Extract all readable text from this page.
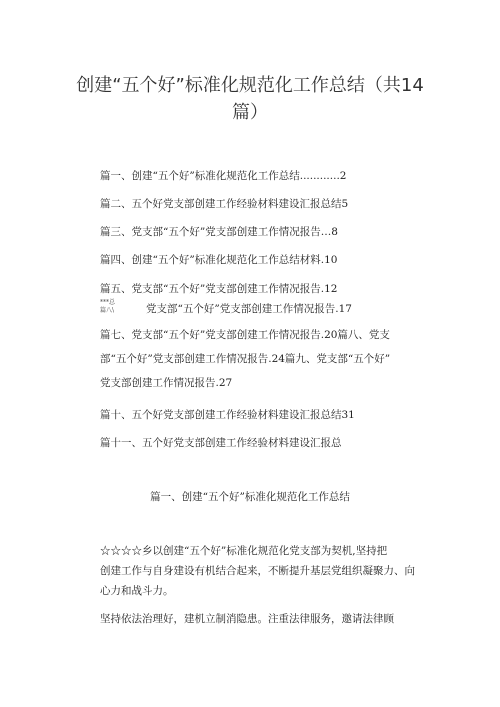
创建“五个好”标准化规范化工作总结（共14
篇）
篇一、创建“五个好”标准化规范化工作总结............2
篇二、五个好党支部创建工作经验材料建设汇报总结5
篇三、党支部“五个好”党支部创建工作情况报告…8
篇四、创建“五个好”标准化规范化工作总结材料.10
篇五、党支部“五个好”党支部创建工作情况报告.12
***总
篇八\	党支部“五个好”党支部创建工作情况报告.17
篇七、党支部“五个好”党支部创建工作情况报告.20篇八、党支
部“五个好”党支部创建工作情况报告.24篇九、党支部“五个好”
党支部创建工作情况报告.27
篇十、五个好党支部创建工作经验材料建设汇报总结31
篇十一、五个好党支部创建工作经验材料建设汇报总
篇一、创建“五个好”标准化规范化工作总结
☆☆☆☆乡以创建“五个好”标准化规范化党支部为契机,坚持把
创建工作与自身建设有机结合起来，不断提升基层党组织凝聚力、向
心力和战斗力。
坚持依法治理好，建机立制消隐患。注重法律服务，邀请法律顾
